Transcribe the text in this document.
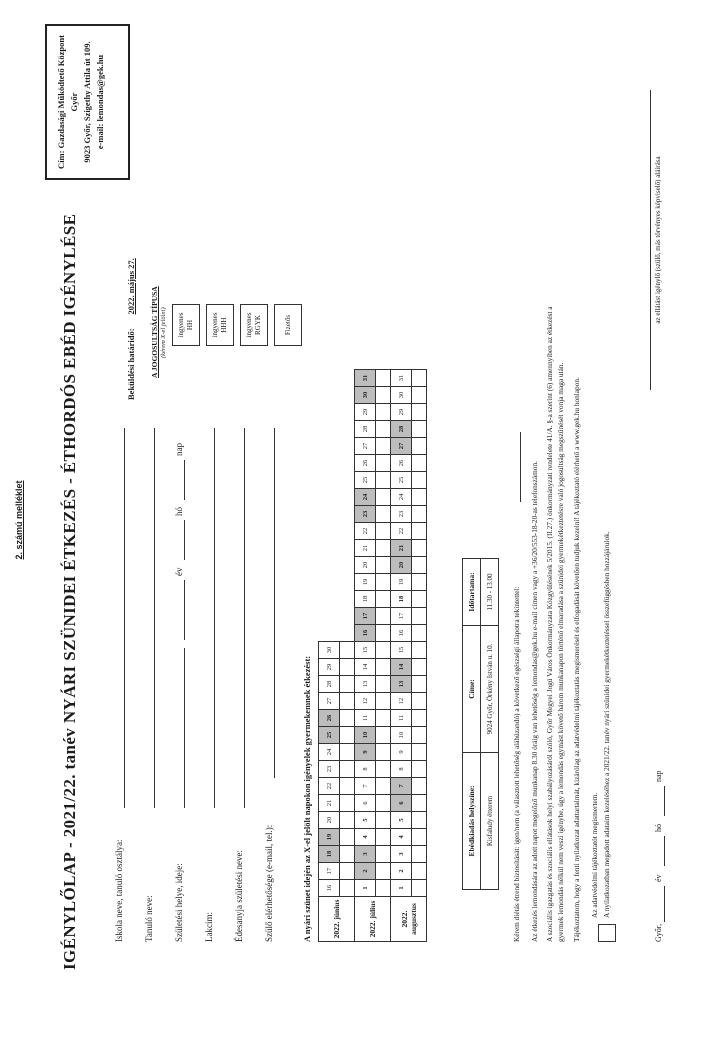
2. számú melléklet IGÉNYLŐLAP - 2021/22. tanév NYÁRI SZÜNIDEI ÉTKEZÉS - ÉTHORDÓS EBÉD IGÉNYLÉSE
Cím: Gazdasági Működtető Központ Győr 9023 Győr, Szigethy Attila út 109. e-mail: lemondas@gek.hu
Iskola neve, tanuló osztálya: Tanuló neve: Születési helye, ideje:
év
hó
nap
Lakcím: Édesanyja születési neve: Szülő elérhetősége (e-mail, tel.):
Beküldési határidő:2022. május 27. A JOGOSULTSÁG TÍPUSA (kérem X-el jelölni) ingyenes HH ingyenes HHH ingyenes RGYK	Fizetős
A nyári szünet idején az X-el jelölt napokon igényelek gyermekemnek étkezést:	2022. június	16	17	18	19	20	21	22	23	24	25	26	27	28	29	30																

2022. július	1	2	3	4	5	6	7	8	9	10	11	12	13	14	15	16	17	18	19	20	21	22	23	24	25	26	27	28	29	30	31

2022. augusztus	1	2	3	4	5	6	7	8	9	10	11	12	13	14	15	16	17	18	19	20	21	22	23	24	25	26	27	28	29	30	31

Ebédkiadás helyszíne:	Címe:	Időtartama:
Kisfaludy étterem	9024 Győr, Örkény István u. 10.	11.30 - 13.00	Kérem diétás étrend biztosítását: igen/nem (a választott lehetőség aláhúzandó) a következő egészségi állapotra tekintettel: Az étkezés lemondására az adott napot megelőző munkanap 8.30 óráig van lehetőség a lemondas@gek.hu e-mail címen vagy a +36/20/553-18-20-as telefonszámon. A szociális igazgatás és szociális ellátások helyi szabályozásáról szóló, Győr Megyei Jogú Város Önkormányzata Közgyűlésének 5/2015. (II.27.) önkormányzati rendelete 41/A. §-a szerint (6) amennyiben az étkezést a gyermek lemondás nélkül nem veszi igénybe, úgy a lemondás egymást követő három munkanapon történő elmaradása a szünidei gyermekétkeztetésre való jogosultság megszűnését vonja maga után. Tájékoztatom, hogy a fenti nyilatkozat adattartalmát, kizárólag az adatvédelmi tájékoztatás megismerését és elfogadását követően tudjuk kezelni! A tájékoztató elérhető a www.gek.hu honlapon. Az adatvédelmi tájékoztatót megismertem. A nyilatkozatban megadott adataim kezeléséhez a 2021/22. tanév nyári szünidei gyermekétkeztetéssel összefüggésben hozzájárulok.
Győr,
év
hó
nap
az ellátást igénylő (szülő, más törvényes képviselő) aláírása
